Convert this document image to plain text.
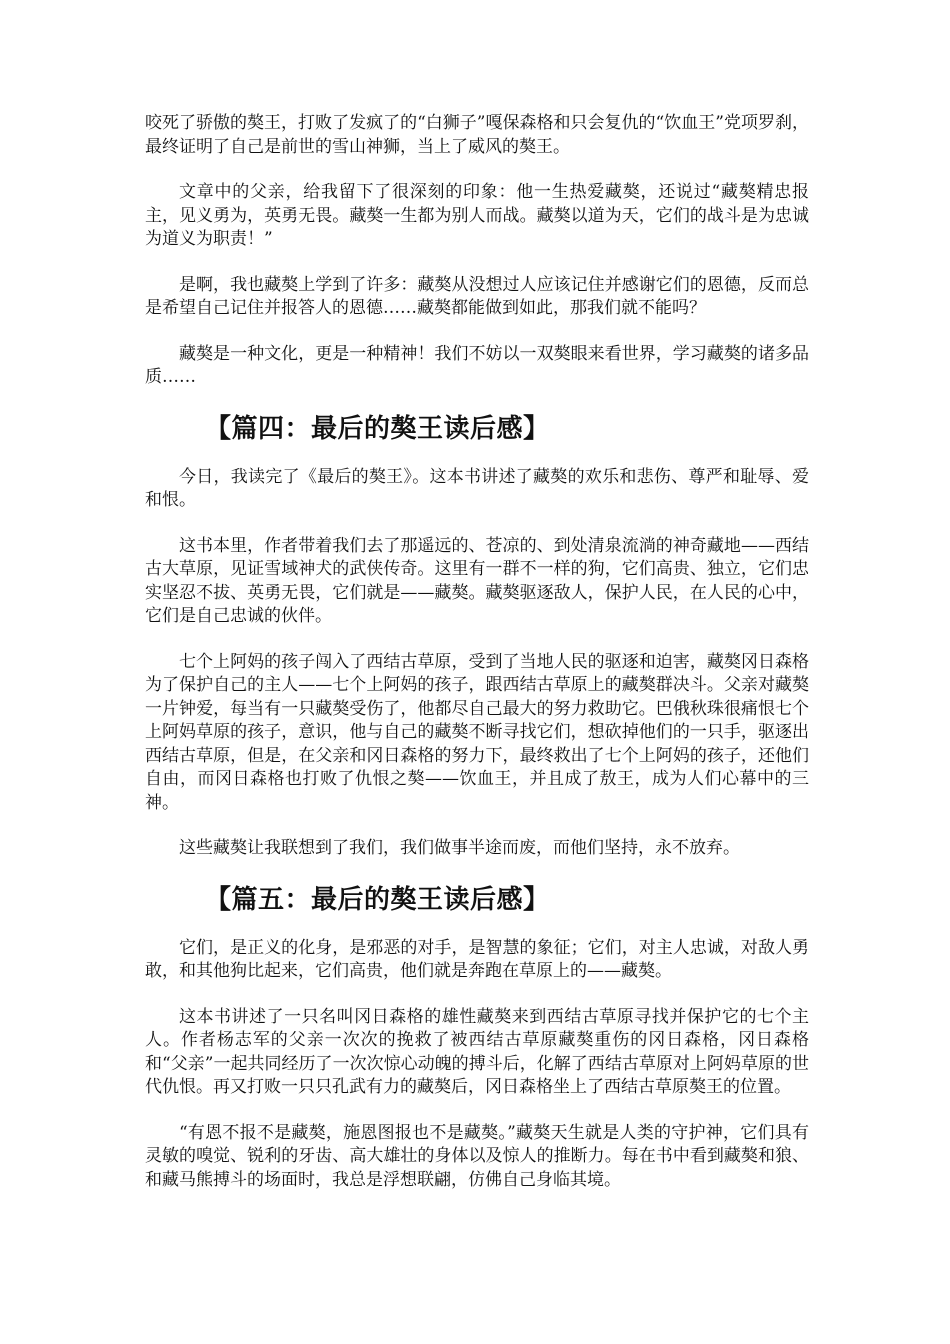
咬死了骄傲的獒王，打败了发疯了的“白狮子”嘎保森格和只会复仇的“饮血王”党项罗刹，最终证明了自己是前世的雪山神狮，当上了威风的獒王。

文章中的父亲，给我留下了很深刻的印象：他一生热爱藏獒，还说过“藏獒精忠报主，见义勇为，英勇无畏。藏獒一生都为别人而战。藏獒以道为天，它们的战斗是为忠诚为道义为职责！”

是啊，我也藏獒上学到了许多：藏獒从没想过人应该记住并感谢它们的恩德，反而总是希望自己记住并报答人的恩德……藏獒都能做到如此，那我们就不能吗？

藏獒是一种文化，更是一种精神！我们不妨以一双獒眼来看世界，学习藏獒的诸多品质……

【篇四：最后的獒王读后感】

今日，我读完了《最后的獒王》。这本书讲述了藏獒的欢乐和悲伤、尊严和耻辱、爱和恨。

这书本里，作者带着我们去了那遥远的、苍凉的、到处清泉流淌的神奇藏地——西结古大草原，见证雪域神犬的武侠传奇。这里有一群不一样的狗，它们高贵、独立，它们忠实坚忍不拔、英勇无畏，它们就是——藏獒。藏獒驱逐敌人，保护人民，在人民的心中，它们是自己忠诚的伙伴。

七个上阿妈的孩子闯入了西结古草原，受到了当地人民的驱逐和迫害，藏獒冈日森格为了保护自己的主人——七个上阿妈的孩子，跟西结古草原上的藏獒群决斗。父亲对藏獒一片钟爱，每当有一只藏獒受伤了，他都尽自己最大的努力救助它。巴俄秋珠很痛恨七个上阿妈草原的孩子，意识，他与自己的藏獒不断寻找它们，想砍掉他们的一只手，驱逐出西结古草原，但是，在父亲和冈日森格的努力下，最终救出了七个上阿妈的孩子，还他们自由，而冈日森格也打败了仇恨之獒——饮血王，并且成了敖王，成为人们心幕中的三神。

这些藏獒让我联想到了我们，我们做事半途而废，而他们坚持，永不放弃。

【篇五：最后的獒王读后感】

它们，是正义的化身，是邪恶的对手，是智慧的象征；它们，对主人忠诚，对敌人勇敢，和其他狗比起来，它们高贵，他们就是奔跑在草原上的——藏獒。

这本书讲述了一只名叫冈日森格的雄性藏獒来到西结古草原寻找并保护它的七个主人。作者杨志军的父亲一次次的挽救了被西结古草原藏獒重伤的冈日森格，冈日森格和“父亲”一起共同经历了一次次惊心动魄的搏斗后，化解了西结古草原对上阿妈草原的世代仇恨。再又打败一只只孔武有力的藏獒后，冈日森格坐上了西结古草原獒王的位置。

“有恩不报不是藏獒，施恩图报也不是藏獒。”藏獒天生就是人类的守护神，它们具有灵敏的嗅觉、锐利的牙齿、高大雄壮的身体以及惊人的推断力。每在书中看到藏獒和狼、和藏马熊搏斗的场面时，我总是浮想联翩，仿佛自己身临其境。
